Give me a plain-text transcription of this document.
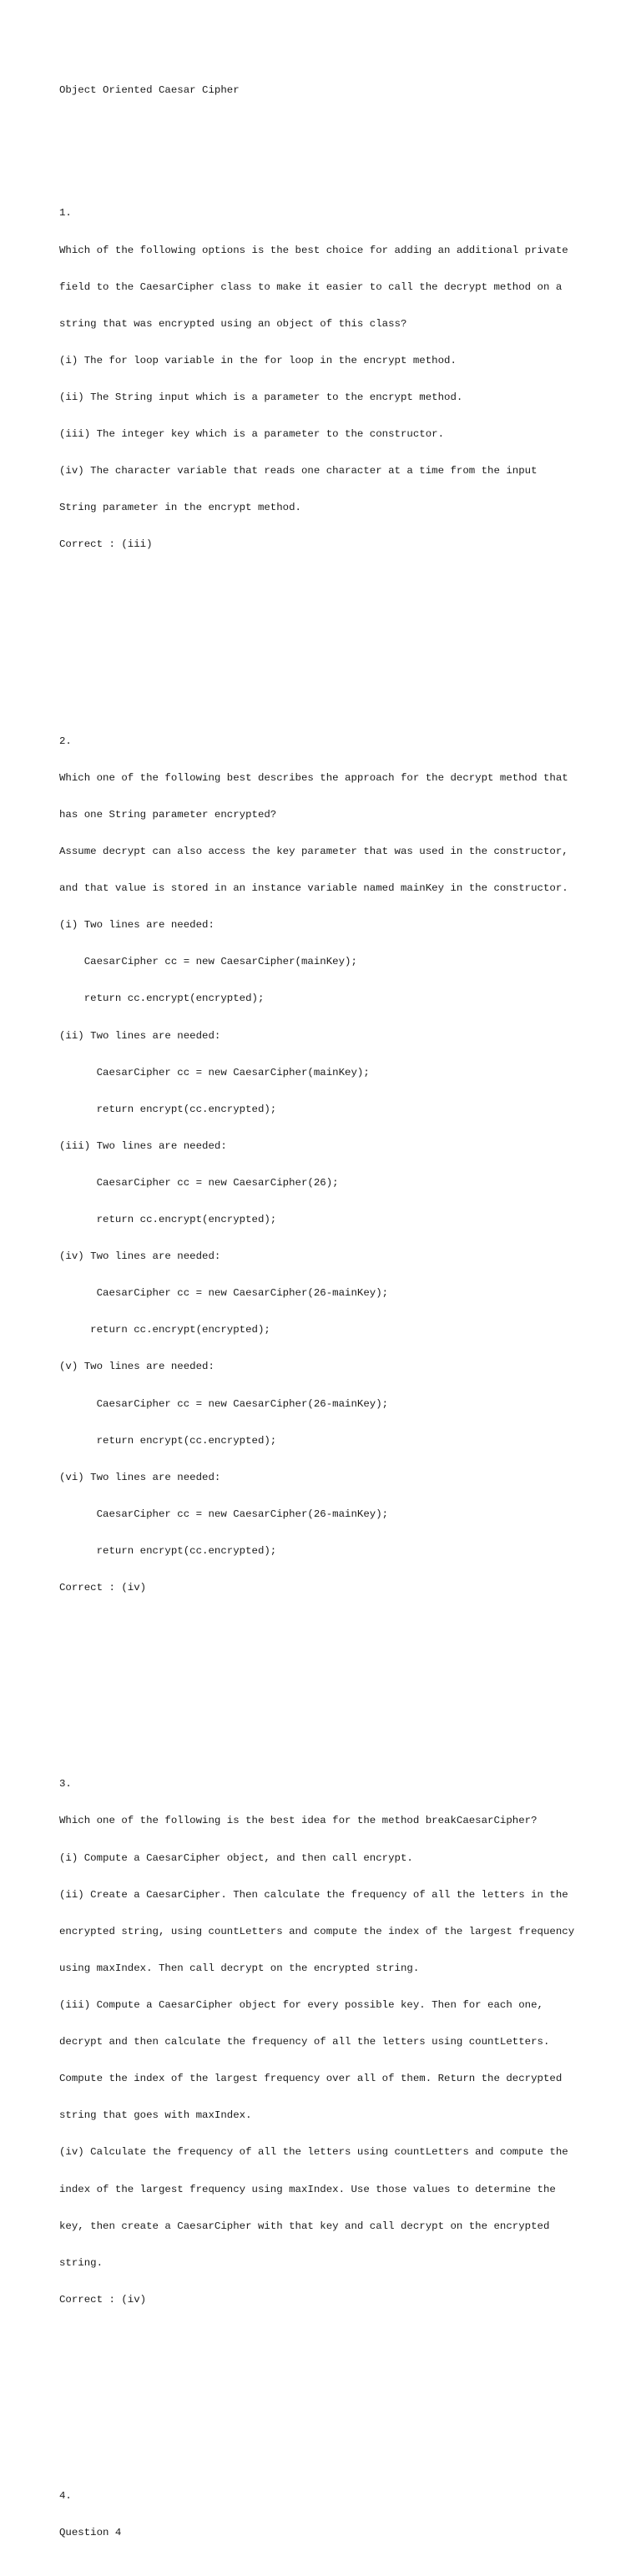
Object Oriented Caesar Cipher

1.

Which of the following options is the best choice for adding an additional private

field to the CaesarCipher class to make it easier to call the decrypt method on a

string that was encrypted using an object of this class?

(i) The for loop variable in the for loop in the encrypt method.

(ii) The String input which is a parameter to the encrypt method.

(iii) The integer key which is a parameter to the constructor.

(iv) The character variable that reads one character at a time from the input

String parameter in the encrypt method.

Correct : (iii)

2.

Which one of the following best describes the approach for the decrypt method that

has one String parameter encrypted?

Assume decrypt can also access the key parameter that was used in the constructor,

and that value is stored in an instance variable named mainKey in the constructor.

(i) Two lines are needed:

CaesarCipher cc = new CaesarCipher(mainKey);

return cc.encrypt(encrypted);

(ii) Two lines are needed:

CaesarCipher cc = new CaesarCipher(mainKey);

return encrypt(cc.encrypted);

(iii) Two lines are needed:

CaesarCipher cc = new CaesarCipher(26);

return cc.encrypt(encrypted);

(iv) Two lines are needed:

CaesarCipher cc = new CaesarCipher(26-mainKey);

return cc.encrypt(encrypted);

(v) Two lines are needed:

CaesarCipher cc = new CaesarCipher(26-mainKey);

return encrypt(cc.encrypted);

(vi) Two lines are needed:

CaesarCipher cc = new CaesarCipher(26-mainKey);

return encrypt(cc.encrypted);

Correct : (iv)

3.

Which one of the following is the best idea for the method breakCaesarCipher?

(i) Compute a CaesarCipher object, and then call encrypt.

(ii) Create a CaesarCipher. Then calculate the frequency of all the letters in the

encrypted string, using countLetters and compute the index of the largest frequency

using maxIndex. Then call decrypt on the encrypted string.

(iii) Compute a CaesarCipher object for every possible key. Then for each one,

decrypt and then calculate the frequency of all the letters using countLetters.

Compute the index of the largest frequency over all of them. Return the decrypted

string that goes with maxIndex.

(iv) Calculate the frequency of all the letters using countLetters and compute the

index of the largest frequency using maxIndex. Use those values to determine the

key, then create a CaesarCipher with that key and call decrypt on the encrypted

string.

Correct : (iv)

4.

Question 4
